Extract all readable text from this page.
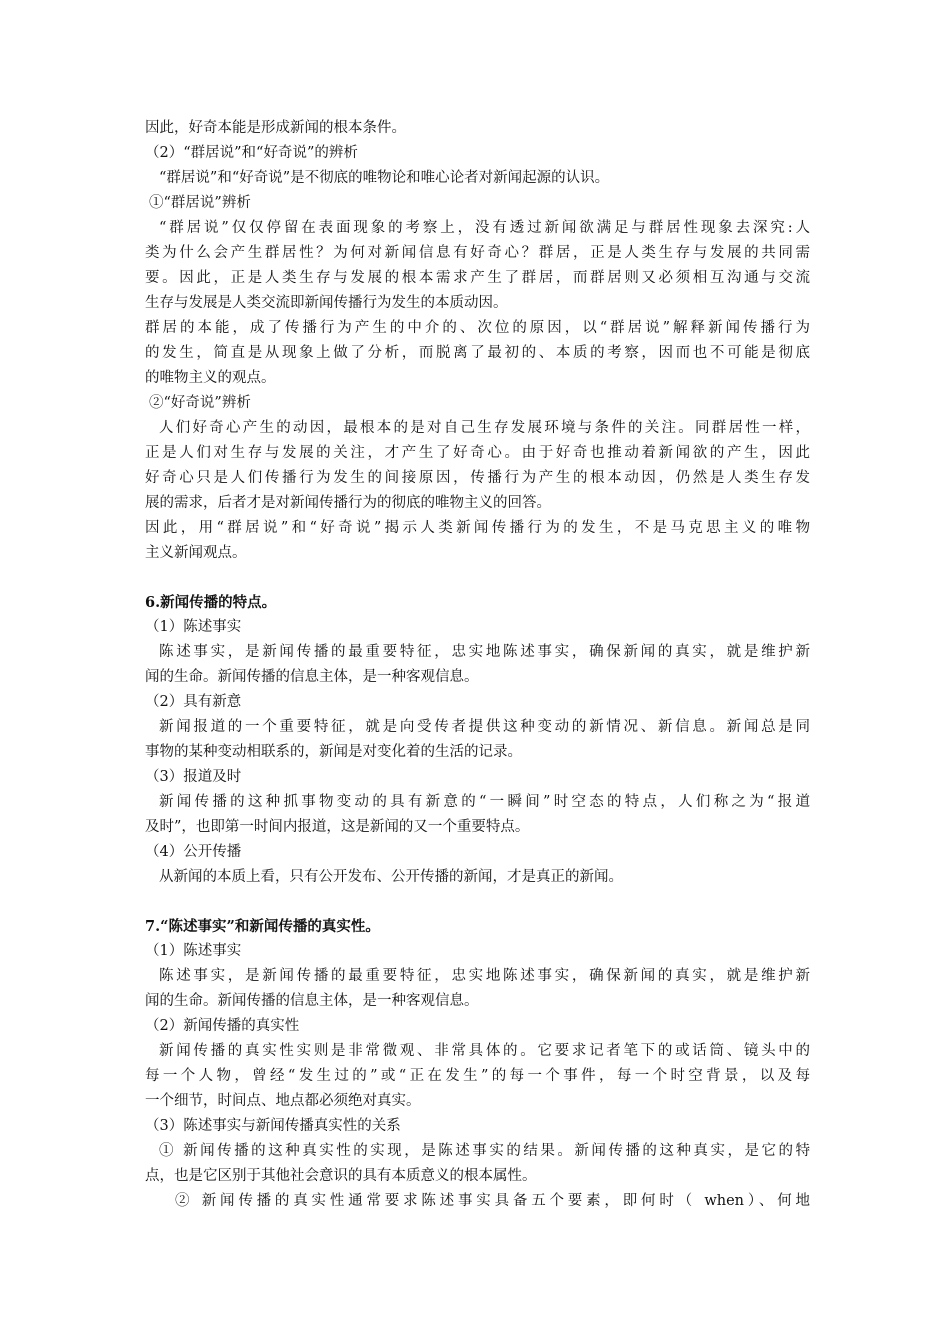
因此，好奇本能是形成新闻的根本条件。
（2）“群居说”和“好奇说”的辨析
“群居说”和“好奇说”是不彻底的唯物论和唯心论者对新闻起源的认识。
①“群居说”辨析
“群居说”仅仅停留在表面现象的考察上，没有透过新闻欲满足与群居性现象去深究:人
类为什么会产生群居性？为何对新闻信息有好奇心？群居，正是人类生存与发展的共同需
要。因此，正是人类生存与发展的根本需求产生了群居，而群居则又必须相互沟通与交流
生存与发展是人类交流即新闻传播行为发生的本质动因。
群居的本能，成了传播行为产生的中介的、次位的原因，以“群居说”解释新闻传播行为
的发生，简直是从现象上做了分析，而脱离了最初的、本质的考察，因而也不可能是彻底
的唯物主义的观点。
②“好奇说”辨析
人们好奇心产生的动因，最根本的是对自己生存发展环境与条件的关注。同群居性一样，
正是人们对生存与发展的关注，才产生了好奇心。由于好奇也推动着新闻欲的产生，因此
好奇心只是人们传播行为发生的间接原因，传播行为产生的根本动因，仍然是人类生存发
展的需求，后者才是对新闻传播行为的彻底的唯物主义的回答。
因此，用“群居说”和“好奇说”揭示人类新闻传播行为的发生，不是马克思主义的唯物
主义新闻观点。
6.新闻传播的特点。
（1）陈述事实
陈述事实，是新闻传播的最重要特征，忠实地陈述事实，确保新闻的真实，就是维护新
闻的生命。新闻传播的信息主体，是一种客观信息。
（2）具有新意
新闻报道的一个重要特征，就是向受传者提供这种变动的新情况、新信息。新闻总是同
事物的某种变动相联系的，新闻是对变化着的生活的记录。
（3）报道及时
新闻传播的这种抓事物变动的具有新意的“一瞬间”时空态的特点，人们称之为“报道
及时”，也即第一时间内报道，这是新闻的又一个重要特点。
（4）公开传播
从新闻的本质上看，只有公开发布、公开传播的新闻，才是真正的新闻。
7.“陈述事实”和新闻传播的真实性。
（1）陈述事实
陈述事实，是新闻传播的最重要特征，忠实地陈述事实，确保新闻的真实，就是维护新
闻的生命。新闻传播的信息主体，是一种客观信息。
（2）新闻传播的真实性
新闻传播的真实性实则是非常微观、非常具体的。它要求记者笔下的或话筒、镜头中的
每一个人物，曾经“发生过的”或“正在发生”的每一个事件，每一个时空背景，以及每
一个细节，时间点、地点都必须绝对真实。
（3）陈述事实与新闻传播真实性的关系
① 新闻传播的这种真实性的实现，是陈述事实的结果。新闻传播的这种真实，是它的特
点，也是它区别于其他社会意识的具有本质意义的根本属性。
② 新闻传播的真实性通常要求陈述事实具备五个要素，即何时（ when）、何地
